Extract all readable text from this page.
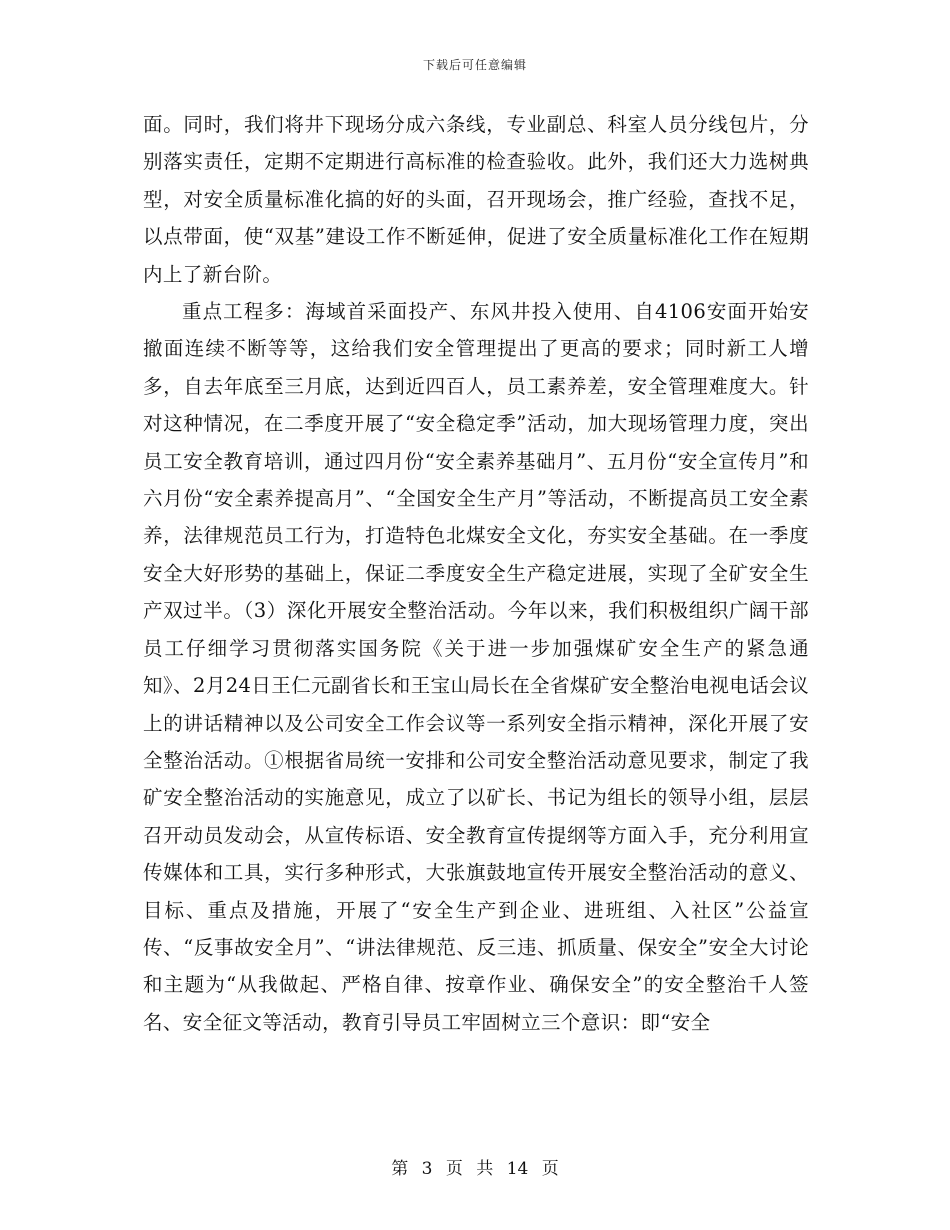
下载后可任意编辑

面。同时，我们将井下现场分成六条线，专业副总、科室人员分线包片，分别落实责任，定期不定期进行高标准的检查验收。此外，我们还大力选树典型，对安全质量标准化搞的好的头面，召开现场会，推广经验，查找不足，以点带面，使“双基”建设工作不断延伸，促进了安全质量标准化工作在短期内上了新台阶。

重点工程多：海域首采面投产、东风井投入使用、自4106安面开始安撤面连续不断等等，这给我们安全管理提出了更高的要求；同时新工人增多，自去年底至三月底，达到近四百人，员工素养差，安全管理难度大。针对这种情况，在二季度开展了“安全稳定季”活动，加大现场管理力度，突出员工安全教育培训，通过四月份“安全素养基础月”、五月份“安全宣传月”和六月份“安全素养提高月”、“全国安全生产月”等活动，不断提高员工安全素养，法律规范员工行为，打造特色北煤安全文化，夯实安全基础。在一季度安全大好形势的基础上，保证二季度安全生产稳定进展，实现了全矿安全生产双过半。（3）深化开展安全整治活动。今年以来，我们积极组织广阔干部员工仔细学习贯彻落实国务院《关于进一步加强煤矿安全生产的紧急通知》、2月24日王仁元副省长和王宝山局长在全省煤矿安全整治电视电话会议上的讲话精神以及公司安全工作会议等一系列安全指示精神，深化开展了安全整治活动。①根据省局统一安排和公司安全整治活动意见要求，制定了我矿安全整治活动的实施意见，成立了以矿长、书记为组长的领导小组，层层召开动员发动会，从宣传标语、安全教育宣传提纲等方面入手，充分利用宣传媒体和工具，实行多种形式，大张旗鼓地宣传开展安全整治活动的意义、目标、重点及措施，开展了“安全生产到企业、进班组、入社区”公益宣传、“反事故安全月”、“讲法律规范、反三违、抓质量、保安全”安全大讨论和主题为“从我做起、严格自律、按章作业、确保安全”的安全整治千人签名、安全征文等活动，教育引导员工牢固树立三个意识：即“安全

第 3 页 共 14 页
